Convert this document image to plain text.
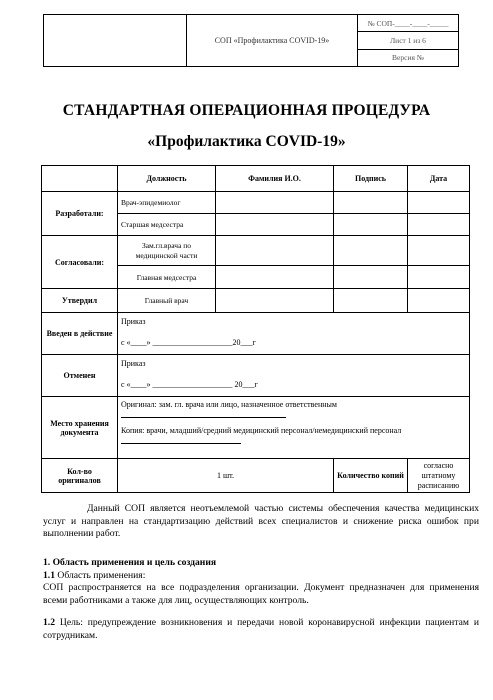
	СОП «Профилактика COVID-19»	№ СОП-____-____-_____
Лист 1 из 6
Версия №
СТАНДАРТНАЯ ОПЕРАЦИОННАЯ ПРОЦЕДУРА
«Профилактика COVID-19»
	Должность	Фамилия И.О.	Подпись	Дата
Разработали:	Врач-эпидемиолог			
	Старшая медсестра			
Согласовали:	Зам.гл.врача по медицинской части			
	Главная медсестра			
Утвердил	Главный врач			
Введен в действие	Приказ
с «____» ____________________20___г			

Отменен	Приказ
с «____» ____________________ 20___г			

Место хранения документа	Оригинал: зам. гл. врача или лицо, назначенное ответственным
Копия: врачи, младший/средний медицинский персонал/немедицинский персонал			

Кол-во оригиналов	1 шт.		Количество копий	согласно штатному расписанию
Данный СОП является неотъемлемой частью системы обеспечения качества медицинских услуг и направлен на стандартизацию действий всех специалистов и снижение риска ошибок при выполнении работ.
1. Область применения и цель создания
1.1 Область применения:
СОП распространяется на все подразделения организации. Документ предназначен для применения всеми работниками а также для лиц, осуществляющих контроль.
1.2 Цель: предупреждение возникновения и передачи новой коронавирусной инфекции пациентам и сотрудникам.
